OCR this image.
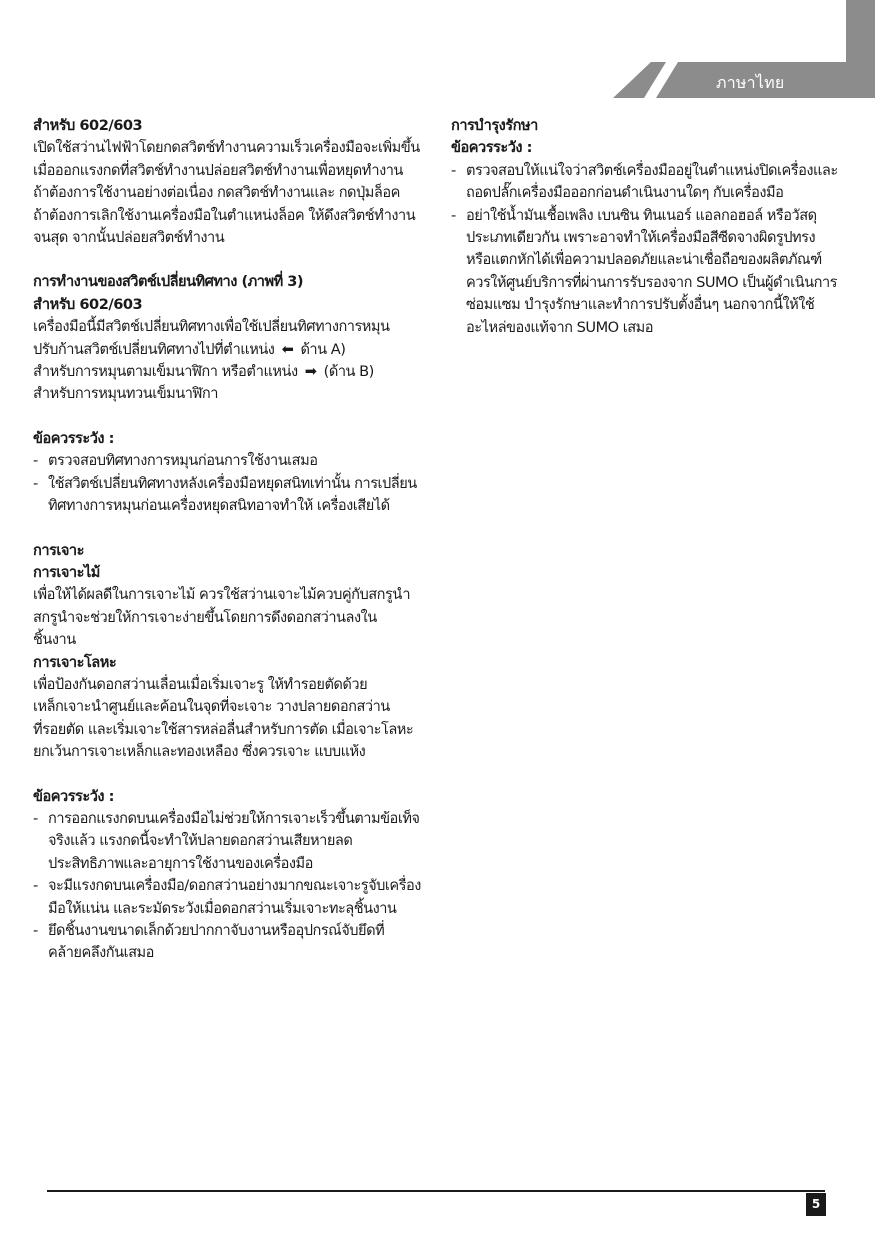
ภาษาไทย

สำหรับ 602/603

เปิดใช้สว่านไฟฟ้าโดยกดสวิตช์ทำงานความเร็วเครื่องมือจะเพิ่มขึ้น

เมื่อออกแรงกดที่สวิตช์ทำงานปล่อยสวิตช์ทำงานเพื่อหยุดทำงาน

ถ้าต้องการใช้งานอย่างต่อเนื่อง กดสวิตช์ทำงานและ กดปุ่มล็อค

ถ้าต้องการเลิกใช้งานเครื่องมือในตำแหน่งล็อค ให้ดึงสวิตช์ทำงาน

จนสุด จากนั้นปล่อยสวิตช์ทำงาน

การทำงานของสวิตช์เปลี่ยนทิศทาง (ภาพที่ 3)

สำหรับ 602/603

เครื่องมือนี้มีสวิตช์เปลี่ยนทิศทางเพื่อใช้เปลี่ยนทิศทางการหมุน

ปรับก้านสวิตช์เปลี่ยนทิศทางไปที่ตำแหน่ง ⬅ ด้าน A)

สำหรับการหมุนตามเข็มนาฬิกา หรือตำแหน่ง ➡ (ด้าน B)

สำหรับการหมุนทวนเข็มนาฬิกา

ข้อควรระวัง :

- ตรวจสอบทิศทางการหมุนก่อนการใช้งานเสมอ
- ใช้สวิตช์เปลี่ยนทิศทางหลังเครื่องมือหยุดสนิทเท่านั้น การเปลี่ยนทิศทางการหมุนก่อนเครื่องหยุดสนิทอาจทำให้ เครื่องเสียได้

การเจาะ

การเจาะไม้

เพื่อให้ได้ผลดีในการเจาะไม้ ควรใช้สว่านเจาะไม้ควบคู่กับสกรูนำ

สกรูนำจะช่วยให้การเจาะง่ายขึ้นโดยการดึงดอกสว่านลงใน

ชิ้นงาน

การเจาะโลหะ

เพื่อป้องกันดอกสว่านเลื่อนเมื่อเริ่มเจาะรู ให้ทำรอยตัดด้วย

เหล็กเจาะนำศูนย์และค้อนในจุดที่จะเจาะ วางปลายดอกสว่าน

ที่รอยตัด และเริ่มเจาะใช้สารหล่อลื่นสำหรับการตัด เมื่อเจาะโลหะ

ยกเว้นการเจาะเหล็กและทองเหลือง ซึ่งควรเจาะ แบบแห้ง

ข้อควรระวัง :

- การออกแรงกดบนเครื่องมือไม่ช่วยให้การเจาะเร็วขึ้นตามข้อเท็จจริงแล้ว แรงกดนี้จะทำให้ปลายดอกสว่านเสียหายลดประสิทธิภาพและอายุการใช้งานของเครื่องมือ
- จะมีแรงกดบนเครื่องมือ/ดอกสว่านอย่างมากขณะเจาะรูจับเครื่องมือให้แน่น และระมัดระวังเมื่อดอกสว่านเริ่มเจาะทะลุชิ้นงาน
- ยึดชิ้นงานขนาดเล็กด้วยปากกาจับงานหรืออุปกรณ์จับยึดที่คล้ายคลึงกันเสมอ

การบำรุงรักษา

ข้อควรระวัง :

- ตรวจสอบให้แน่ใจว่าสวิตช์เครื่องมืออยู่ในตำแหน่งปิดเครื่องและถอดปลั๊กเครื่องมือออกก่อนดำเนินงานใดๆ กับเครื่องมือ
- อย่าใช้น้ำมันเชื้อเพลิง เบนซิน ทินเนอร์ แอลกอฮอล์ หรือวัสดุประเภทเดียวกัน เพราะอาจทำให้เครื่องมือสีซีดจางผิดรูปทรง หรือแตกหักได้เพื่อความปลอดภัยและน่าเชื่อถือของผลิตภัณฑ์ ควรให้ศูนย์บริการที่ผ่านการรับรองจาก SUMO เป็นผู้ดำเนินการซ่อมแซม บำรุงรักษาและทำการปรับตั้งอื่นๆ นอกจากนี้ให้ใช้อะไหล่ของแท้จาก SUMO เสมอ
5
